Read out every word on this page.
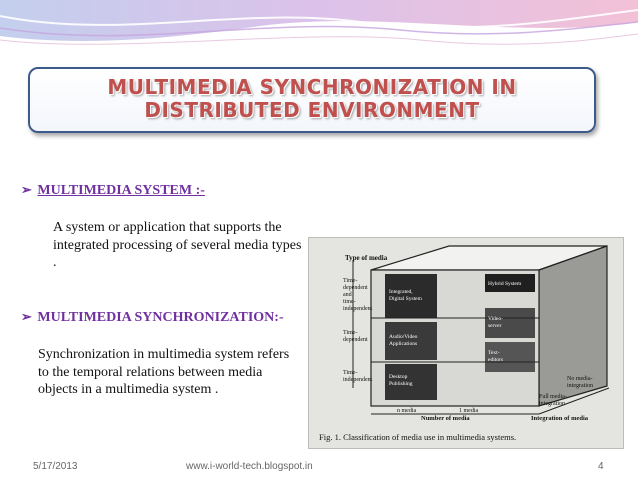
MULTIMEDIA SYNCHRONIZATION IN
DISTRIBUTED ENVIRONMENT
➢ MULTIMEDIA SYSTEM :-
A system or application that supports the integrated processing of several media types .
➢ MULTIMEDIA SYNCHRONIZATION:-
Synchronization in multimedia system refers to the temporal relations between media objects in a multimedia system .
Type of media
Time-
dependent
and
time-
independent
Time-
dependent
Time-
independent
Integrated,
Digital System
Audio/Video
Applications
Desktop
Publishing
Hybrid System
Video-
server
Text-
editors
No media-
integration
Full media-
integration
n media	1 media
Number of media	Integration of media
Fig. 1. Classification of media use in multimedia systems.
5/17/2013	www.i-world-tech.blogspot.in	4
